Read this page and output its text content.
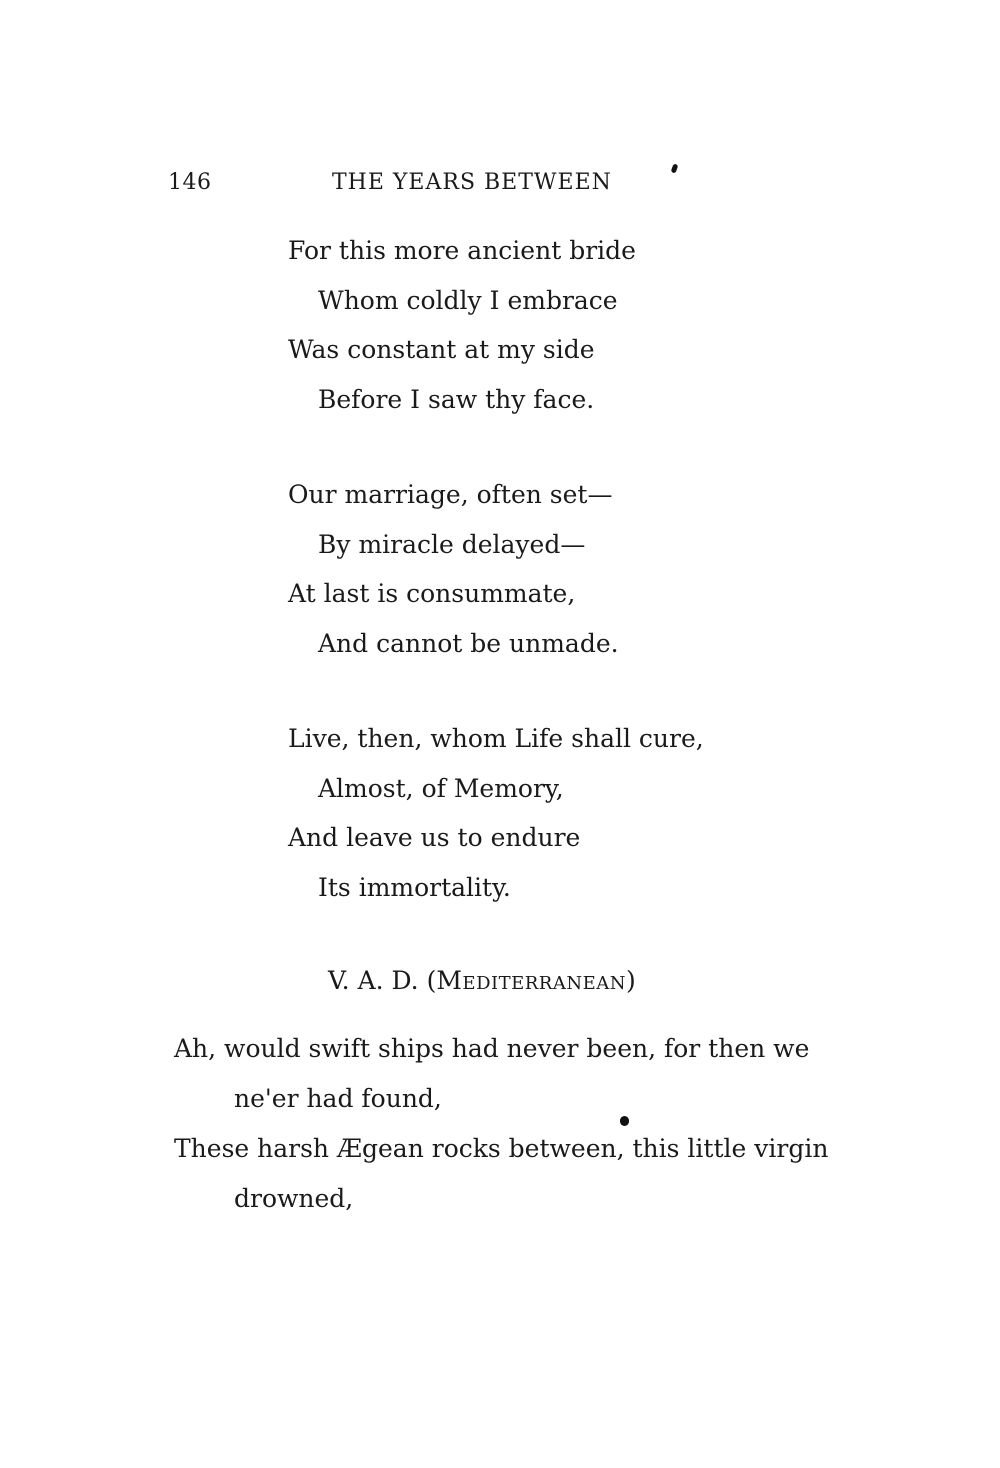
146	THE YEARS BETWEEN
For this more ancient bride
Whom coldly I embrace
Was constant at my side
Before I saw thy face.
Our marriage, often set—
By miracle delayed—
At last is consummate,
And cannot be unmade.
Live, then, whom Life shall cure,
Almost, of Memory,
And leave us to endure
Its immortality.
V. A. D. (Mediterranean)
Ah, would swift ships had never been, for then we
ne'er had found,
These harsh Ægean rocks between, this little virgin
drowned,
